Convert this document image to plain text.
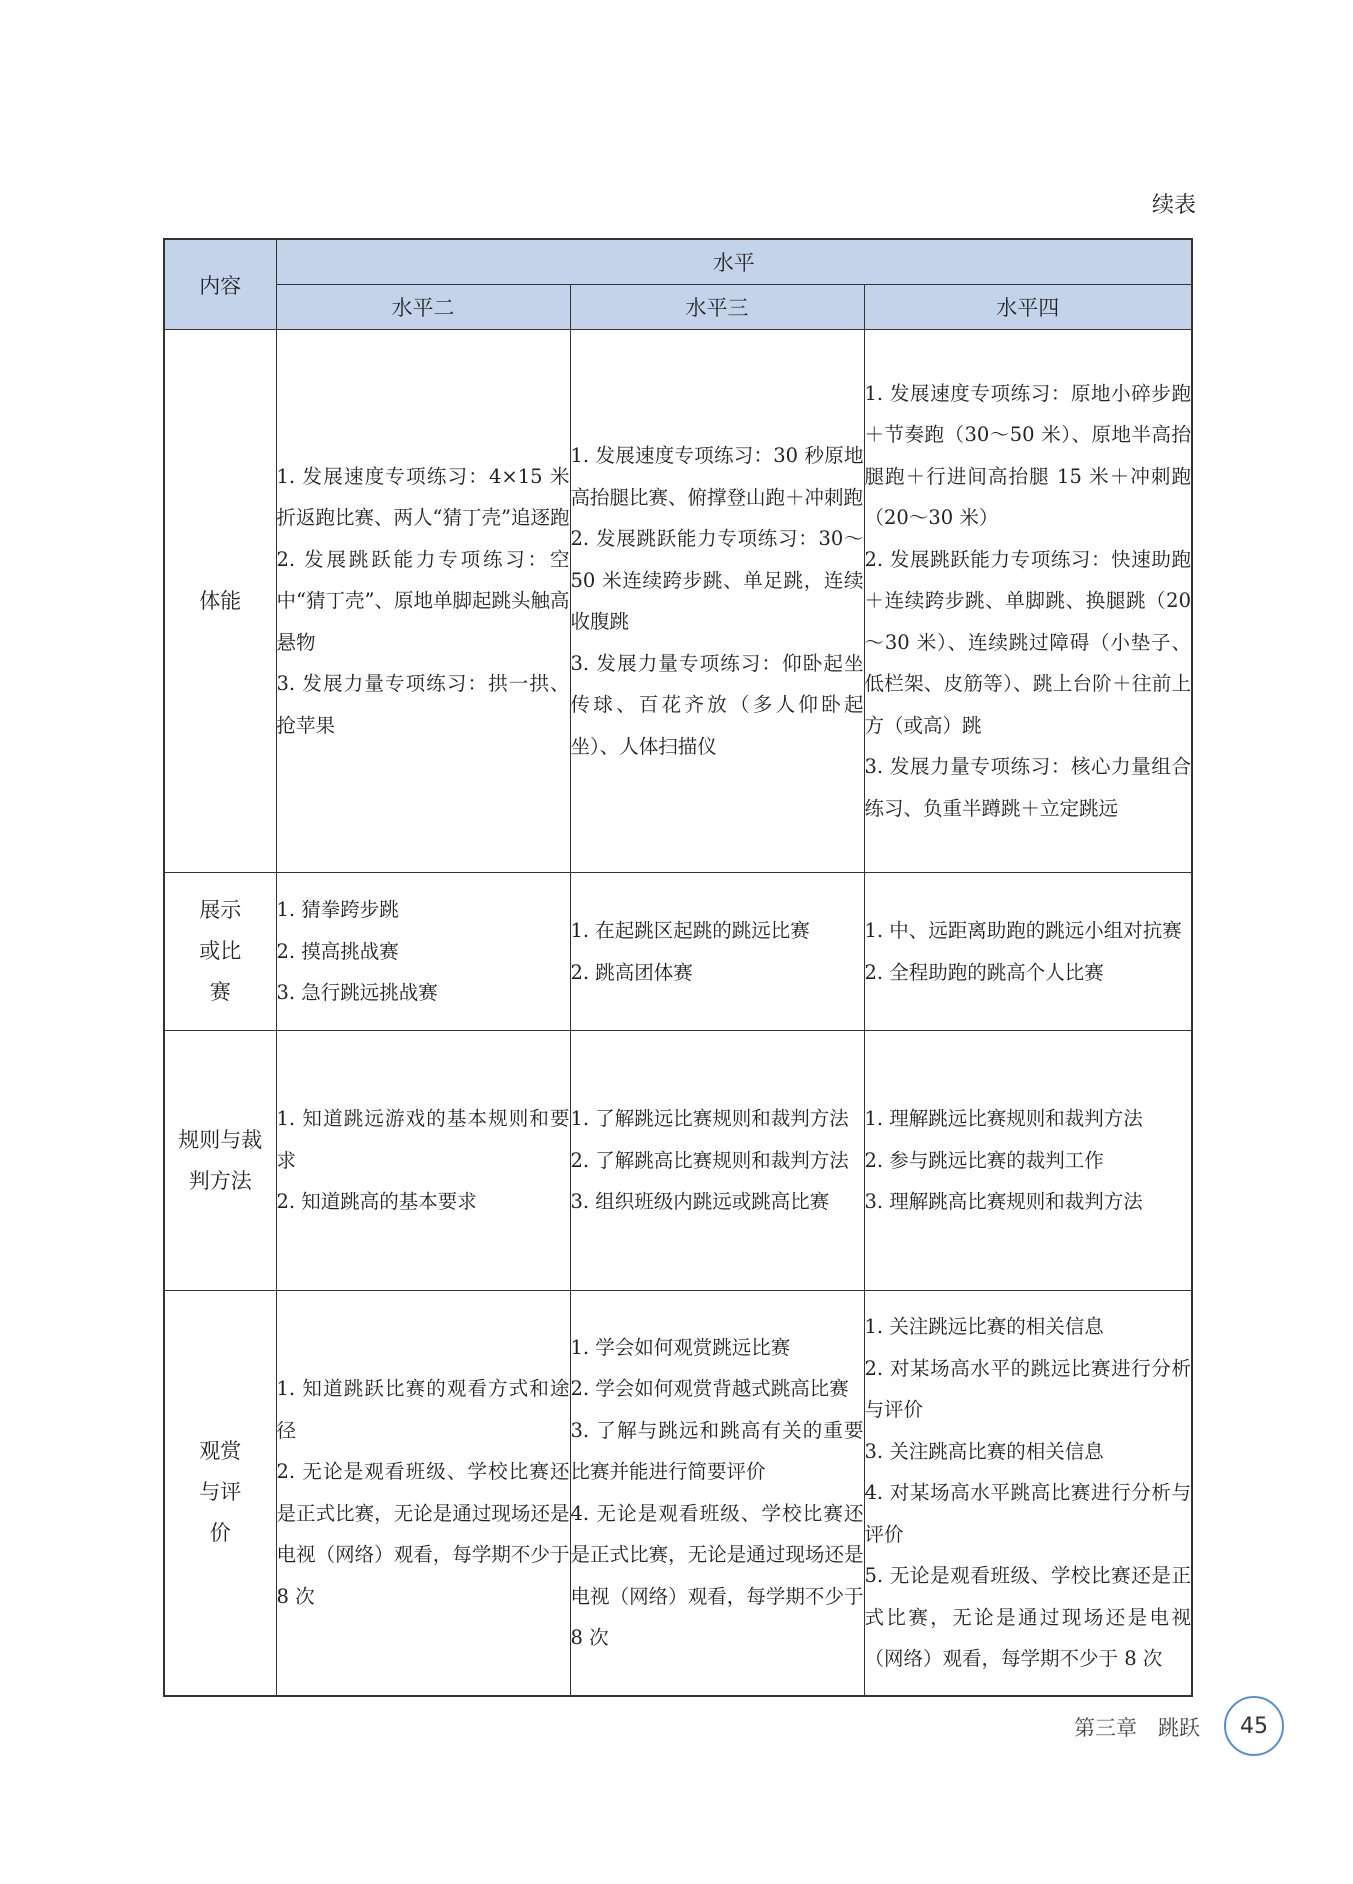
续表
内容	水平		
	水平二	水平三	水平四
体能	1. 发展速度专项练习：4×15 米折返跑比赛、两人“猜丁壳”追逐跑
2. 发展跳跃能力专项练习：空中“猜丁壳”、原地单脚起跳头触高悬物
3. 发展力量专项练习：拱一拱、抢苹果	1. 发展速度专项练习：30 秒原地高抬腿比赛、俯撑登山跑＋冲刺跑
2. 发展跳跃能力专项练习：30～50 米连续跨步跳、单足跳，连续收腹跳
3. 发展力量专项练习：仰卧起坐传球、百花齐放（多人仰卧起坐）、人体扫描仪	1. 发展速度专项练习：原地小碎步跑＋节奏跑（30～50 米）、原地半高抬腿跑＋行进间高抬腿 15 米＋冲刺跑（20～30 米）
2. 发展跳跃能力专项练习：快速助跑＋连续跨步跳、单脚跳、换腿跳（20～30 米）、连续跳过障碍（小垫子、低栏架、皮筋等）、跳上台阶＋往前上方（或高）跳
3. 发展力量专项练习：核心力量组合练习、负重半蹲跳＋立定跳远

展示或比赛	1. 猜拳跨步跳
2. 摸高挑战赛
3. 急行跳远挑战赛	1. 在起跳区起跳的跳远比赛
2. 跳高团体赛	1. 中、远距离助跑的跳远小组对抗赛
2. 全程助跑的跳高个人比赛

规则与裁判方法	1. 知道跳远游戏的基本规则和要求
2. 知道跳高的基本要求	1. 了解跳远比赛规则和裁判方法
2. 了解跳高比赛规则和裁判方法
3. 组织班级内跳远或跳高比赛	1. 理解跳远比赛规则和裁判方法
2. 参与跳远比赛的裁判工作
3. 理解跳高比赛规则和裁判方法

观赏与评价	1. 知道跳跃比赛的观看方式和途径
2. 无论是观看班级、学校比赛还是正式比赛，无论是通过现场还是电视（网络）观看，每学期不少于 8 次	1. 学会如何观赏跳远比赛
2. 学会如何观赏背越式跳高比赛
3. 了解与跳远和跳高有关的重要比赛并能进行简要评价
4. 无论是观看班级、学校比赛还是正式比赛，无论是通过现场还是电视（网络）观看，每学期不少于 8 次	1. 关注跳远比赛的相关信息
2. 对某场高水平的跳远比赛进行分析与评价
3. 关注跳高比赛的相关信息
4. 对某场高水平跳高比赛进行分析与评价
5. 无论是观看班级、学校比赛还是正式比赛，无论是通过现场还是电视（网络）观看，每学期不少于 8 次
第三章　跳跃	45
